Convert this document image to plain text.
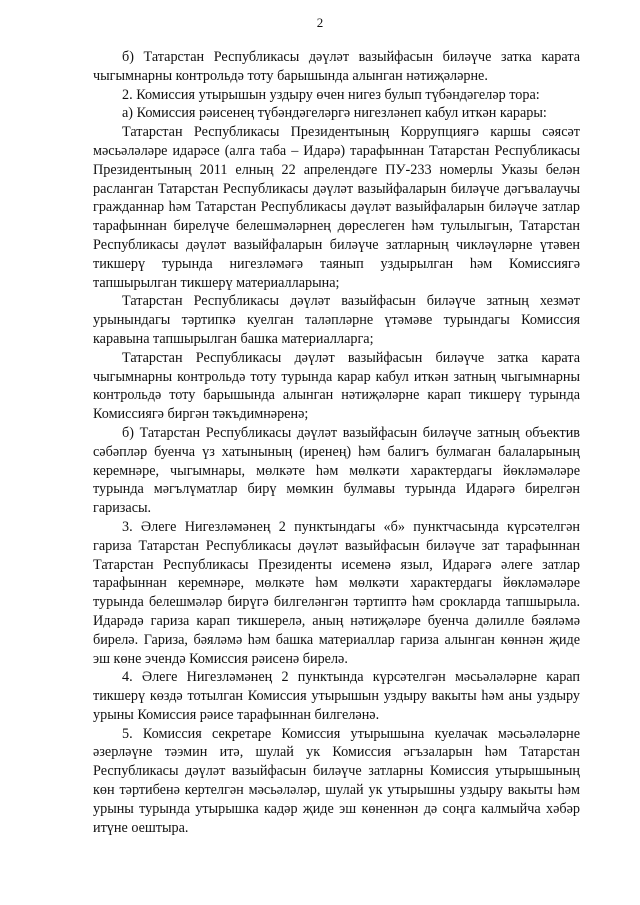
2

б) Татарстан Республикасы дәүләт вазыйфасын биләүче затка карата чыгымнарны контрольдә тоту барышында алынган нәтиҗәләрне.

2. Комиссия утырышын уздыру өчен нигез булып түбәндәгеләр тора:

а) Комиссия рәисенең түбәндәгеләргә нигезләнеп кабул иткән карары:

Татарстан Республикасы Президентының Коррупциягә каршы сәясәт мәсьәләләре идарәсе (алга таба – Идарә) тарафыннан Татарстан Республикасы Президентының 2011 елның 22 апрелендәге ПУ-233 номерлы Указы белән расланган Татарстан Республикасы дәүләт вазыйфаларын биләүче дәгъвалаучы гражданнар һәм Татарстан Республикасы дәүләт вазыйфаларын биләүче затлар тарафыннан бирелүче белешмәләрнең дөреслеген һәм тулылыгын, Татарстан Республикасы дәүләт вазыйфаларын биләүче затларның чикләүләрне үтәвен тикшерү турында нигезләмәгә таянып уздырылган һәм Комиссиягә тапшырылган тикшерү материалларына;

Татарстан Республикасы дәүләт вазыйфасын биләүче затның хезмәт урынындагы тәртипкә куелган таләпләрне үтәмәве турындагы Комиссия каравына тапшырылган башка материалларга;

Татарстан Республикасы дәүләт вазыйфасын биләүче затка карата чыгымнарны контрольдә тоту турында карар кабул иткән затның чыгымнарны контрольдә тоту барышында алынган нәтиҗәләрне карап тикшерү турында Комиссиягә биргән тәкъдимнәренә;

б) Татарстан Республикасы дәүләт вазыйфасын биләүче затның объектив сәбәпләр буенча үз хатынының (иренең) һәм балигъ булмаган балаларының керемнәре, чыгымнары, мөлкәте һәм мөлкәти характердагы йөкләмәләре турында мәгълүматлар бирү мөмкин булмавы турында Идарәгә бирелгән гаризасы.

3. Әлеге Нигезләмәнең 2 пунктындагы «б» пунктчасында күрсәтелгән гариза Татарстан Республикасы дәүләт вазыйфасын биләүче зат тарафыннан Татарстан Республикасы Президенты исеменә языл, Идарәгә әлеге затлар тарафыннан керемнәре, мөлкәте һәм мөлкәти характердагы йөкләмәләре турында белешмәләр бирүгә билгеләнгән тәртиптә һәм срокларда тапшырыла. Идарәдә гариза карап тикшерелә, аның нәтиҗәләре буенча дәлилле бәяләмә бирелә. Гариза, бәяләмә һәм башка материаллар гариза алынган көннән җиде эш көне эчендә Комиссия рәисенә бирелә.

4. Әлеге Нигезләмәнең 2 пунктында күрсәтелгән мәсьәләләрне карап тикшерү көздә тотылган Комиссия утырышын уздыру вакыты һәм аны уздыру урыны Комиссия рәисе тарафыннан билгеләнә.

5. Комиссия секретаре Комиссия утырышына куелачак мәсьәләләрне әзерләүне тәэмин итә, шулай ук Комиссия әгъзаларын һәм Татарстан Республикасы дәүләт вазыйфасын биләүче затларны Комиссия утырышының көн тәртибенә кертелгән мәсьәләләр, шулай ук утырышны уздыру вакыты һәм урыны турында утырышка кадәр җиде эш көненнән дә соңга калмыйча хәбәр итүне оештыра.
